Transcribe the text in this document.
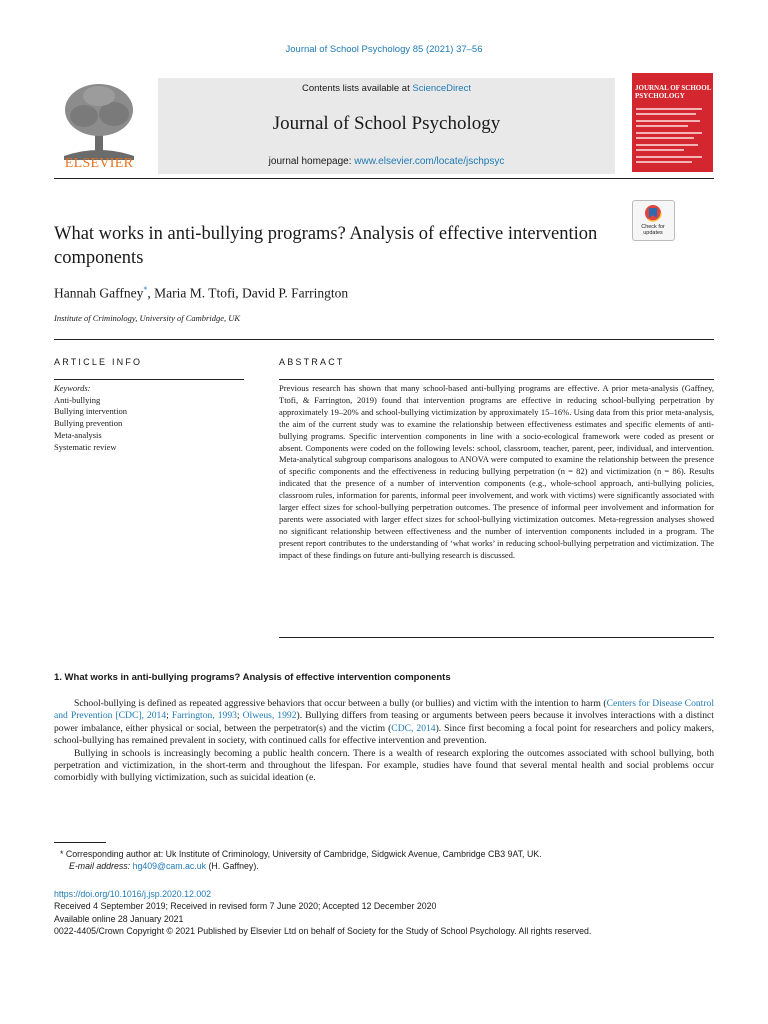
Journal of School Psychology 85 (2021) 37–56
ELSEVIER
Contents lists available at ScienceDirect
Journal of School Psychology
journal homepage: www.elsevier.com/locate/jschpsyc
JOURNAL OF SCHOOL PSYCHOLOGY
What works in anti-bullying programs? Analysis of effective intervention components
Check for updates
Hannah Gaffney*, Maria M. Ttofi, David P. Farrington
Institute of Criminology, University of Cambridge, UK
ARTICLE INFO	ABSTRACT
Keywords:
Anti-bullying
Bullying intervention
Bullying prevention
Meta-analysis
Systematic review
Previous research has shown that many school-based anti-bullying programs are effective. A prior meta-analysis (Gaffney, Ttofi, & Farrington, 2019) found that intervention programs are effective in reducing school-bullying perpetration by approximately 19–20% and school-bullying victimization by approximately 15–16%. Using data from this prior meta-analysis, the aim of the current study was to examine the relationship between effectiveness estimates and specific elements of anti-bullying programs. Specific intervention components in line with a socio-ecological framework were coded as present or absent. Components were coded on the following levels: school, classroom, teacher, parent, peer, individual, and intervention. Meta-analytical subgroup comparisons analogous to ANOVA were computed to examine the relationship between the presence of specific components and the effectiveness in reducing bullying perpetration (n = 82) and victimization (n = 86). Results indicated that the presence of a number of intervention components (e.g., whole-school approach, anti-bullying policies, classroom rules, information for parents, informal peer involvement, and work with victims) were significantly associated with larger effect sizes for school-bullying perpetration outcomes. The presence of informal peer involvement and information for parents were associated with larger effect sizes for school-bullying victimization outcomes. Meta-regression analyses showed no significant relationship between effectiveness and the number of intervention components included in a program. The present report contributes to the understanding of ‘what works’ in reducing school-bullying perpetration and victimization. The impact of these findings on future anti-bullying research is discussed.
1. What works in anti-bullying programs? Analysis of effective intervention components

School-bullying is defined as repeated aggressive behaviors that occur between a bully (or bullies) and victim with the intention to harm (Centers for Disease Control and Prevention [CDC], 2014; Farrington, 1993; Olweus, 1992). Bullying differs from teasing or arguments between peers because it involves interactions with a distinct power imbalance, either physical or social, between the perpetrator(s) and the victim (CDC, 2014). Since first becoming a focal point for researchers and policy makers, school-bullying has remained prevalent in society, with continued calls for effective intervention and prevention.

Bullying in schools is increasingly becoming a public health concern. There is a wealth of research exploring the outcomes associated with school bullying, both perpetration and victimization, in the short-term and throughout the lifespan. For example, studies have found that several mental health and social problems occur comorbidly with bullying victimization, such as suicidal ideation (e.

* Corresponding author at: Uk Institute of Criminology, University of Cambridge, Sidgwick Avenue, Cambridge CB3 9AT, UK.
E-mail address: hg409@cam.ac.uk (H. Gaffney).
https://doi.org/10.1016/j.jsp.2020.12.002
Received 4 September 2019; Received in revised form 7 June 2020; Accepted 12 December 2020
Available online 28 January 2021
0022-4405/Crown Copyright © 2021 Published by Elsevier Ltd on behalf of Society for the Study of School Psychology. All rights reserved.
